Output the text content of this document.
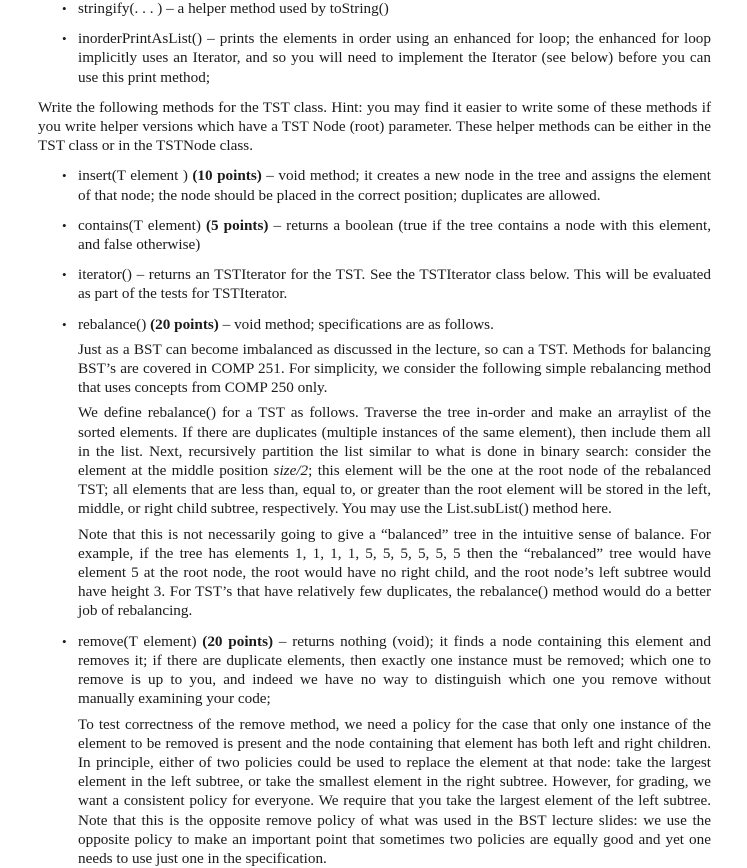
• stringify(. . . ) – a helper method used by toString()
• inorderPrintAsList() – prints the elements in order using an enhanced for loop; the enhanced for loop implicitly uses an Iterator, and so you will need to implement the Iterator (see below) before you can use this print method;
Write the following methods for the TST class. Hint: you may find it easier to write some of these methods if you write helper versions which have a TST Node (root) parameter. These helper methods can be either in the TST class or in the TSTNode class.
• insert(T element ) (10 points) – void method; it creates a new node in the tree and assigns the element of that node; the node should be placed in the correct position; duplicates are allowed.
• contains(T element) (5 points) – returns a boolean (true if the tree contains a node with this element, and false otherwise)
• iterator() – returns an TSTIterator for the TST. See the TSTIterator class below. This will be evaluated as part of the tests for TSTIterator.
• rebalance() (20 points) – void method; specifications are as follows.
Just as a BST can become imbalanced as discussed in the lecture, so can a TST. Methods for balancing BST’s are covered in COMP 251. For simplicity, we consider the following simple rebalancing method that uses concepts from COMP 250 only.
We define rebalance() for a TST as follows. Traverse the tree in-order and make an arraylist of the sorted elements. If there are duplicates (multiple instances of the same element), then include them all in the list. Next, recursively partition the list similar to what is done in binary search: consider the element at the middle position size/2; this element will be the one at the root node of the rebalanced TST; all elements that are less than, equal to, or greater than the root element will be stored in the left, middle, or right child subtree, respectively. You may use the List.subList() method here.
Note that this is not necessarily going to give a “balanced” tree in the intuitive sense of balance. For example, if the tree has elements 1, 1, 1, 1, 5, 5, 5, 5, 5, 5 then the “rebalanced” tree would have element 5 at the root node, the root would have no right child, and the root node’s left subtree would have height 3. For TST’s that have relatively few duplicates, the rebalance() method would do a better job of rebalancing.
• remove(T element) (20 points) – returns nothing (void); it finds a node containing this element and removes it; if there are duplicate elements, then exactly one instance must be removed; which one to remove is up to you, and indeed we have no way to distinguish which one you remove without manually examining your code;
To test correctness of the remove method, we need a policy for the case that only one instance of the element to be removed is present and the node containing that element has both left and right children. In principle, either of two policies could be used to replace the element at that node: take the largest element in the left subtree, or take the smallest element in the right subtree. However, for grading, we want a consistent policy for everyone. We require that you take the largest element of the left subtree. Note that this is the opposite remove policy of what was used in the BST lecture slides: we use the opposite policy to make an important point that sometimes two policies are equally good and yet one needs to use just one in the specification.
